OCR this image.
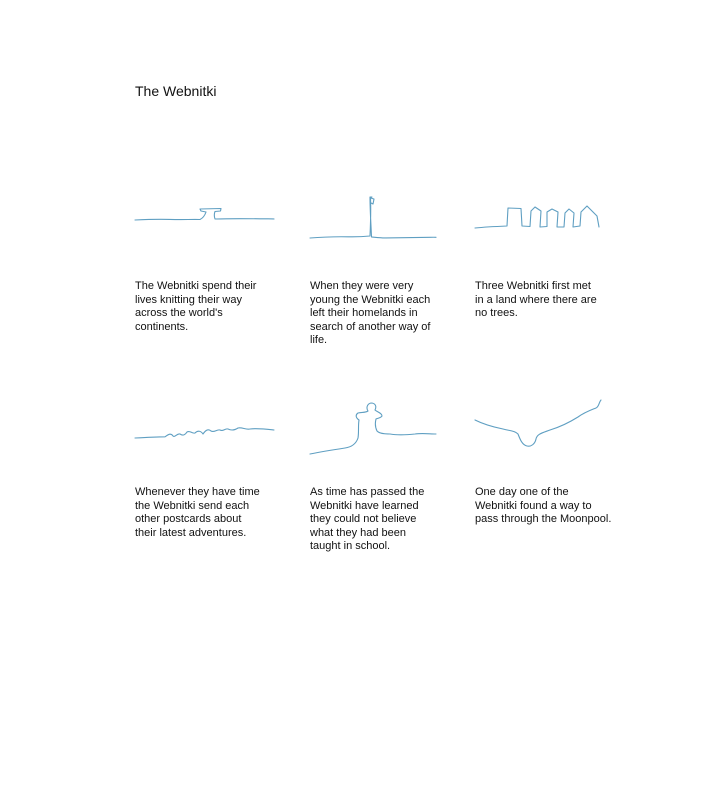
The Webnitki

The Webnitki spend their
lives knitting their way
across the world's
continents.

When they were very
young the Webnitki each
left their homelands in
search of another way of
life.

Three Webnitki first met
in a land where there are
no trees.

Whenever they have time
the Webnitki send each
other postcards about
their latest adventures.

As time has passed the
Webnitki have learned
they could not believe
what they had been
taught in school.

One day one of the
Webnitki found a way to
pass through the Moonpool.
